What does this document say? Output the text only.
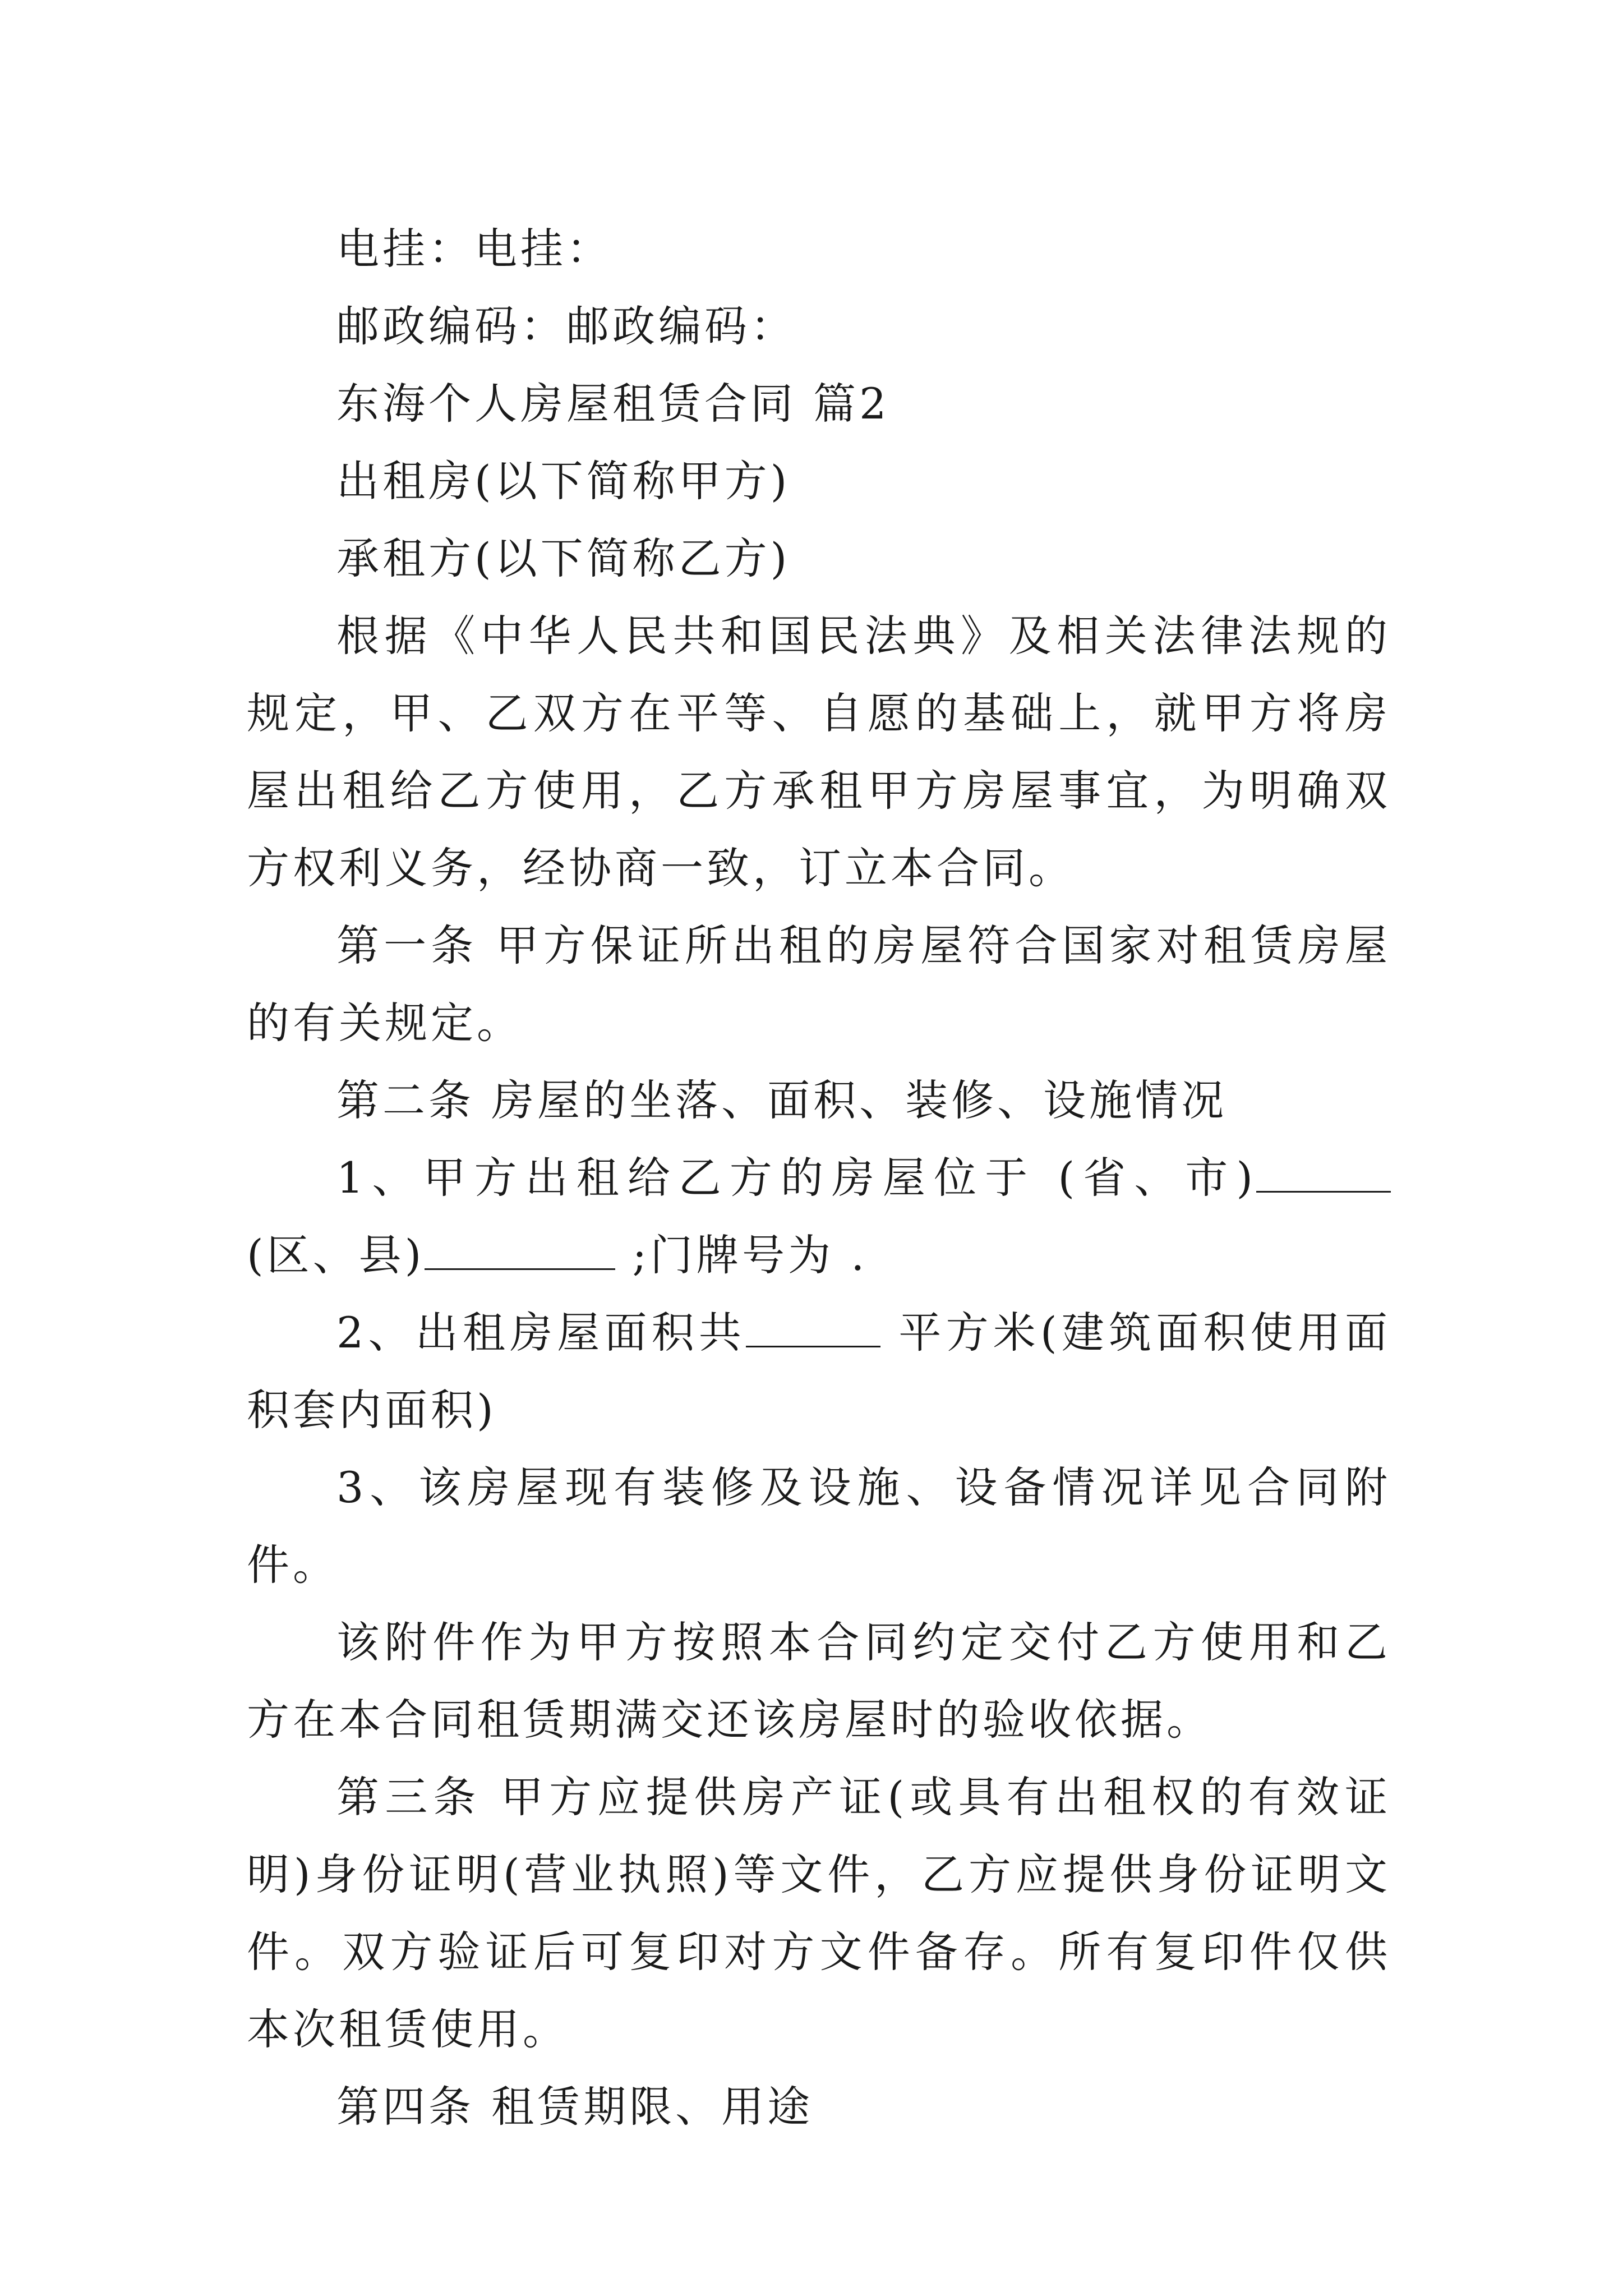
电挂：电挂：

邮政编码：邮政编码：

东海个人房屋租赁合同 篇2

出租房(以下简称甲方)

承租方(以下简称乙方)

根据《中华人民共和国民法典》及相关法律法规的规定，甲、乙双方在平等、自愿的基础上，就甲方将房屋出租给乙方使用，乙方承租甲方房屋事宜，为明确双方权利义务，经协商一致，订立本合同。

第一条 甲方保证所出租的房屋符合国家对租赁房屋的有关规定。

第二条 房屋的坐落、面积、装修、设施情况

1、甲方出租给乙方的房屋位于 (省、市)(区、县)	;门牌号为 .

2、出租房屋面积共	平方米(建筑面积使用面积套内面积)

3、该房屋现有装修及设施、设备情况详见合同附件。

该附件作为甲方按照本合同约定交付乙方使用和乙方在本合同租赁期满交还该房屋时的验收依据。

第三条 甲方应提供房产证(或具有出租权的有效证明)身份证明(营业执照)等文件，乙方应提供身份证明文件。双方验证后可复印对方文件备存。所有复印件仅供本次租赁使用。

第四条 租赁期限、用途
